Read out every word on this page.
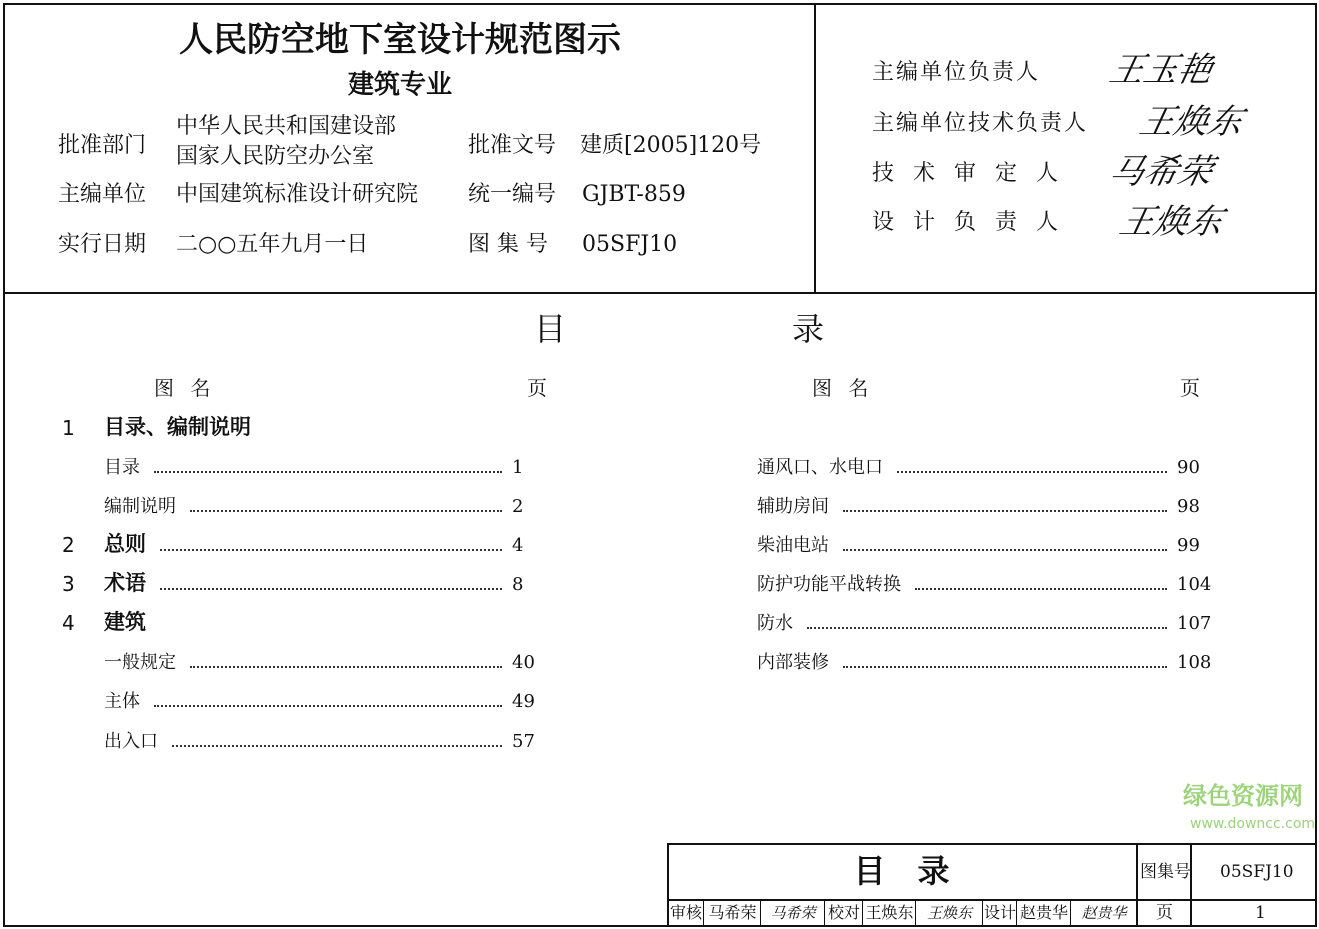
人民防空地下室设计规范图示
建筑专业
批准部门
中华人民共和国建设部
国家人民防空办公室
主编单位 中国建筑标准设计研究院
实行日期 二○○五年九月一日
批准文号 建质[2005]120号
统一编号 GJBT-859
图 集 号 05SFJ10
主编单位负责人 王玉艳
主编单位技术负责人 王焕东
技 术 审 定 人 马希荣
设 计 负 责 人 王焕东
目	录
图 名	页	图 名	页
1	目录、编制说明
目录	1
编制说明	2
2	总则	4
3	术语	8
4	建筑
一般规定	40
主体	49
出入口	57
通风口、水电口	90
辅助房间	98
柴油电站	99
防护功能平战转换	104
防水	107
内部装修	108
目　录	图集号 05SFJ10
页	1
审核 马希荣 马希荣 校对 王焕东 王焕东 设计 赵贵华 赵贵华
绿色资源网
www.downcc.com
